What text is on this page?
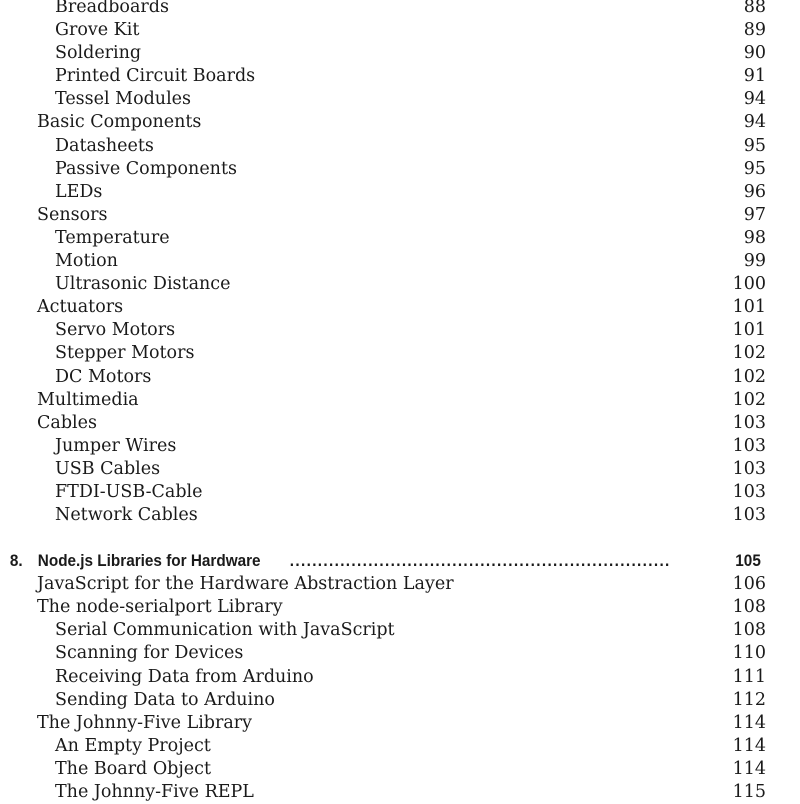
Breadboards	88
Grove Kit	89
Soldering	90
Printed Circuit Boards	91
Tessel Modules	94
Basic Components	94
Datasheets	95
Passive Components	95
LEDs	96
Sensors	97
Temperature	98
Motion	99
Ultrasonic Distance	100
Actuators	101
Servo Motors	101
Stepper Motors	102
DC Motors	102
Multimedia	102
Cables	103
Jumper Wires	103
USB Cables	103
FTDI-USB-Cable	103
Network Cables	103
8. Node.js Libraries for Hardware ....................................................................	105
JavaScript for the Hardware Abstraction Layer	106
The node-serialport Library	108
Serial Communication with JavaScript	108
Scanning for Devices	110
Receiving Data from Arduino	111
Sending Data to Arduino	112
The Johnny-Five Library	114
An Empty Project	114
The Board Object	114
The Johnny-Five REPL	115
